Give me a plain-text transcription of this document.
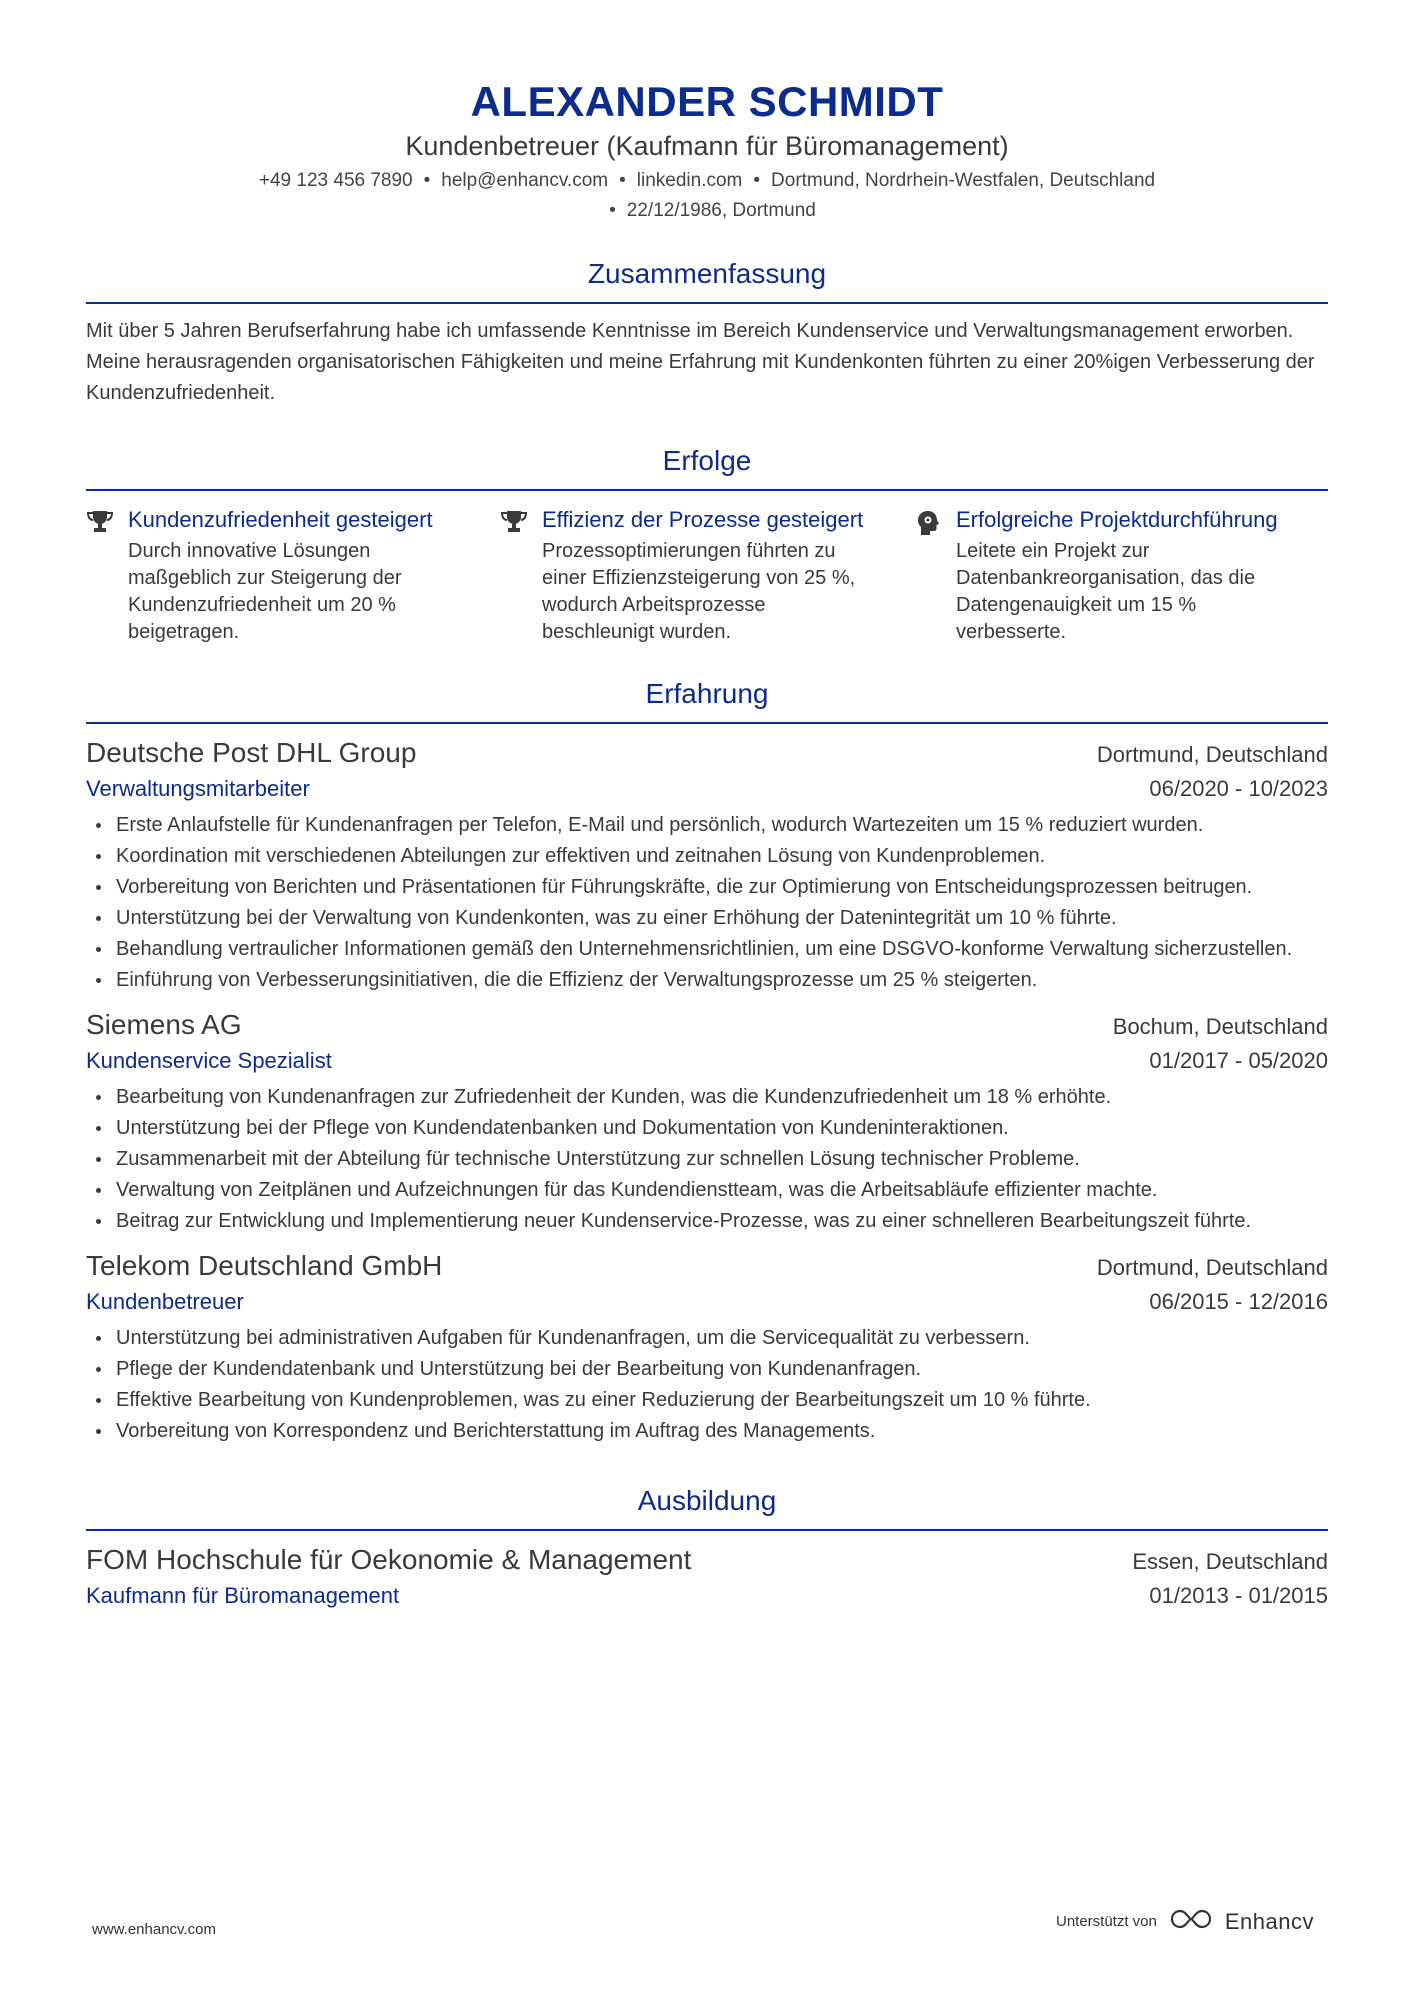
ALEXANDER SCHMIDT
Kundenbetreuer (Kaufmann für Büromanagement)
+49 123 456 7890 • help@enhancv.com • linkedin.com • Dortmund, Nordrhein-Westfalen, Deutschland
• 22/12/1986, Dortmund
Zusammenfassung
Mit über 5 Jahren Berufserfahrung habe ich umfassende Kenntnisse im Bereich Kundenservice und Verwaltungsmanagement erworben. Meine herausragenden organisatorischen Fähigkeiten und meine Erfahrung mit Kundenkonten führten zu einer 20%igen Verbesserung der Kundenzufriedenheit.
Erfolge
Kundenzufriedenheit gesteigert
Durch innovative Lösungen maßgeblich zur Steigerung der Kundenzufriedenheit um 20 % beigetragen.
Effizienz der Prozesse gesteigert
Prozessoptimierungen führten zu einer Effizienzsteigerung von 25 %, wodurch Arbeitsprozesse beschleunigt wurden.
Erfolgreiche Projektdurchführung
Leitete ein Projekt zur Datenbankreorganisation, das die Datengenauigkeit um 15 % verbesserte.
Erfahrung
Deutsche Post DHL Group	Dortmund, Deutschland
Verwaltungsmitarbeiter	06/2020 - 10/2023
Erste Anlaufstelle für Kundenanfragen per Telefon, E-Mail und persönlich, wodurch Wartezeiten um 15 % reduziert wurden.
Koordination mit verschiedenen Abteilungen zur effektiven und zeitnahen Lösung von Kundenproblemen.
Vorbereitung von Berichten und Präsentationen für Führungskräfte, die zur Optimierung von Entscheidungsprozessen beitrugen.
Unterstützung bei der Verwaltung von Kundenkonten, was zu einer Erhöhung der Datenintegrität um 10 % führte.
Behandlung vertraulicher Informationen gemäß den Unternehmensrichtlinien, um eine DSGVO-konforme Verwaltung sicherzustellen.
Einführung von Verbesserungsinitiativen, die die Effizienz der Verwaltungsprozesse um 25 % steigerten.
Siemens AG	Bochum, Deutschland
Kundenservice Spezialist	01/2017 - 05/2020
Bearbeitung von Kundenanfragen zur Zufriedenheit der Kunden, was die Kundenzufriedenheit um 18 % erhöhte.
Unterstützung bei der Pflege von Kundendatenbanken und Dokumentation von Kundeninteraktionen.
Zusammenarbeit mit der Abteilung für technische Unterstützung zur schnellen Lösung technischer Probleme.
Verwaltung von Zeitplänen und Aufzeichnungen für das Kundendienstteam, was die Arbeitsabläufe effizienter machte.
Beitrag zur Entwicklung und Implementierung neuer Kundenservice-Prozesse, was zu einer schnelleren Bearbeitungszeit führte.
Telekom Deutschland GmbH	Dortmund, Deutschland
Kundenbetreuer	06/2015 - 12/2016
Unterstützung bei administrativen Aufgaben für Kundenanfragen, um die Servicequalität zu verbessern.
Pflege der Kundendatenbank und Unterstützung bei der Bearbeitung von Kundenanfragen.
Effektive Bearbeitung von Kundenproblemen, was zu einer Reduzierung der Bearbeitungszeit um 10 % führte.
Vorbereitung von Korrespondenz und Berichterstattung im Auftrag des Managements.
Ausbildung
FOM Hochschule für Oekonomie & Management	Essen, Deutschland
Kaufmann für Büromanagement	01/2013 - 01/2015
www.enhancv.com	Unterstützt von	Enhancv
